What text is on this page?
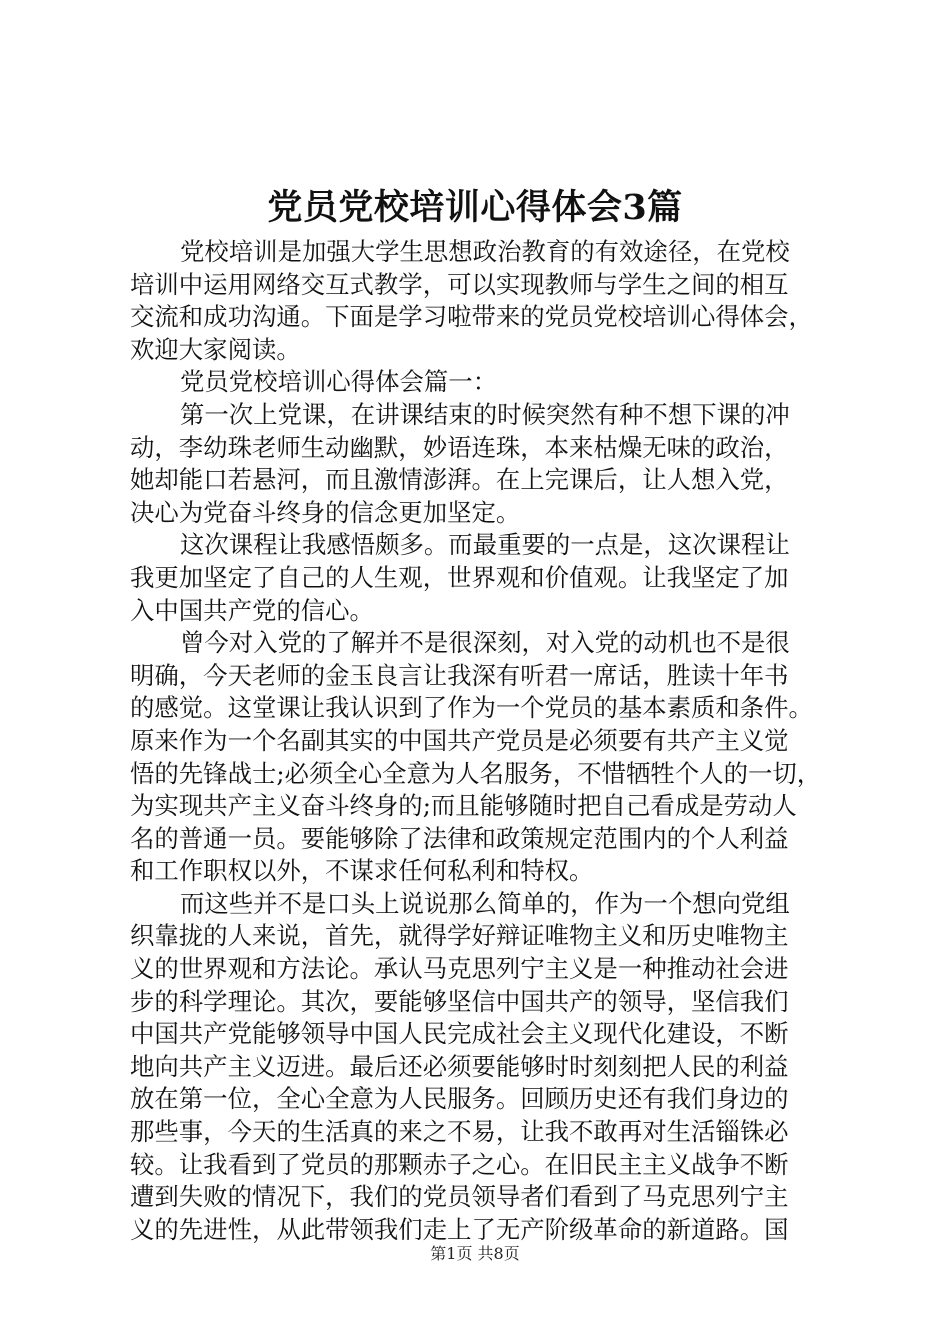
党员党校培训心得体会3篇
党校培训是加强大学生思想政治教育的有效途径，在党校
培训中运用网络交互式教学，可以实现教师与学生之间的相互
交流和成功沟通。下面是学习啦带来的党员党校培训心得体会，
欢迎大家阅读。
党员党校培训心得体会篇一：
第一次上党课，在讲课结束的时候突然有种不想下课的冲
动，李幼珠老师生动幽默，妙语连珠，本来枯燥无味的政治，
她却能口若悬河，而且激情澎湃。在上完课后，让人想入党，
决心为党奋斗终身的信念更加坚定。
这次课程让我感悟颇多。而最重要的一点是，这次课程让
我更加坚定了自己的人生观，世界观和价值观。让我坚定了加
入中国共产党的信心。
曾今对入党的了解并不是很深刻，对入党的动机也不是很
明确，今天老师的金玉良言让我深有听君一席话，胜读十年书
的感觉。这堂课让我认识到了作为一个党员的基本素质和条件。
原来作为一个名副其实的中国共产党员是必须要有共产主义觉
悟的先锋战士;必须全心全意为人名服务，不惜牺牲个人的一切，
为实现共产主义奋斗终身的;而且能够随时把自己看成是劳动人
名的普通一员。要能够除了法律和政策规定范围内的个人利益
和工作职权以外，不谋求任何私利和特权。
而这些并不是口头上说说那么简单的，作为一个想向党组
织靠拢的人来说，首先，就得学好辩证唯物主义和历史唯物主
义的世界观和方法论。承认马克思列宁主义是一种推动社会进
步的科学理论。其次，要能够坚信中国共产的领导，坚信我们
中国共产党能够领导中国人民完成社会主义现代化建设，不断
地向共产主义迈进。最后还必须要能够时时刻刻把人民的利益
放在第一位，全心全意为人民服务。回顾历史还有我们身边的
那些事，今天的生活真的来之不易，让我不敢再对生活锱铢必
较。让我看到了党员的那颗赤子之心。在旧民主主义战争不断
遭到失败的情况下，我们的党员领导者们看到了马克思列宁主
义的先进性，从此带领我们走上了无产阶级革命的新道路。国
第1页 共8页
